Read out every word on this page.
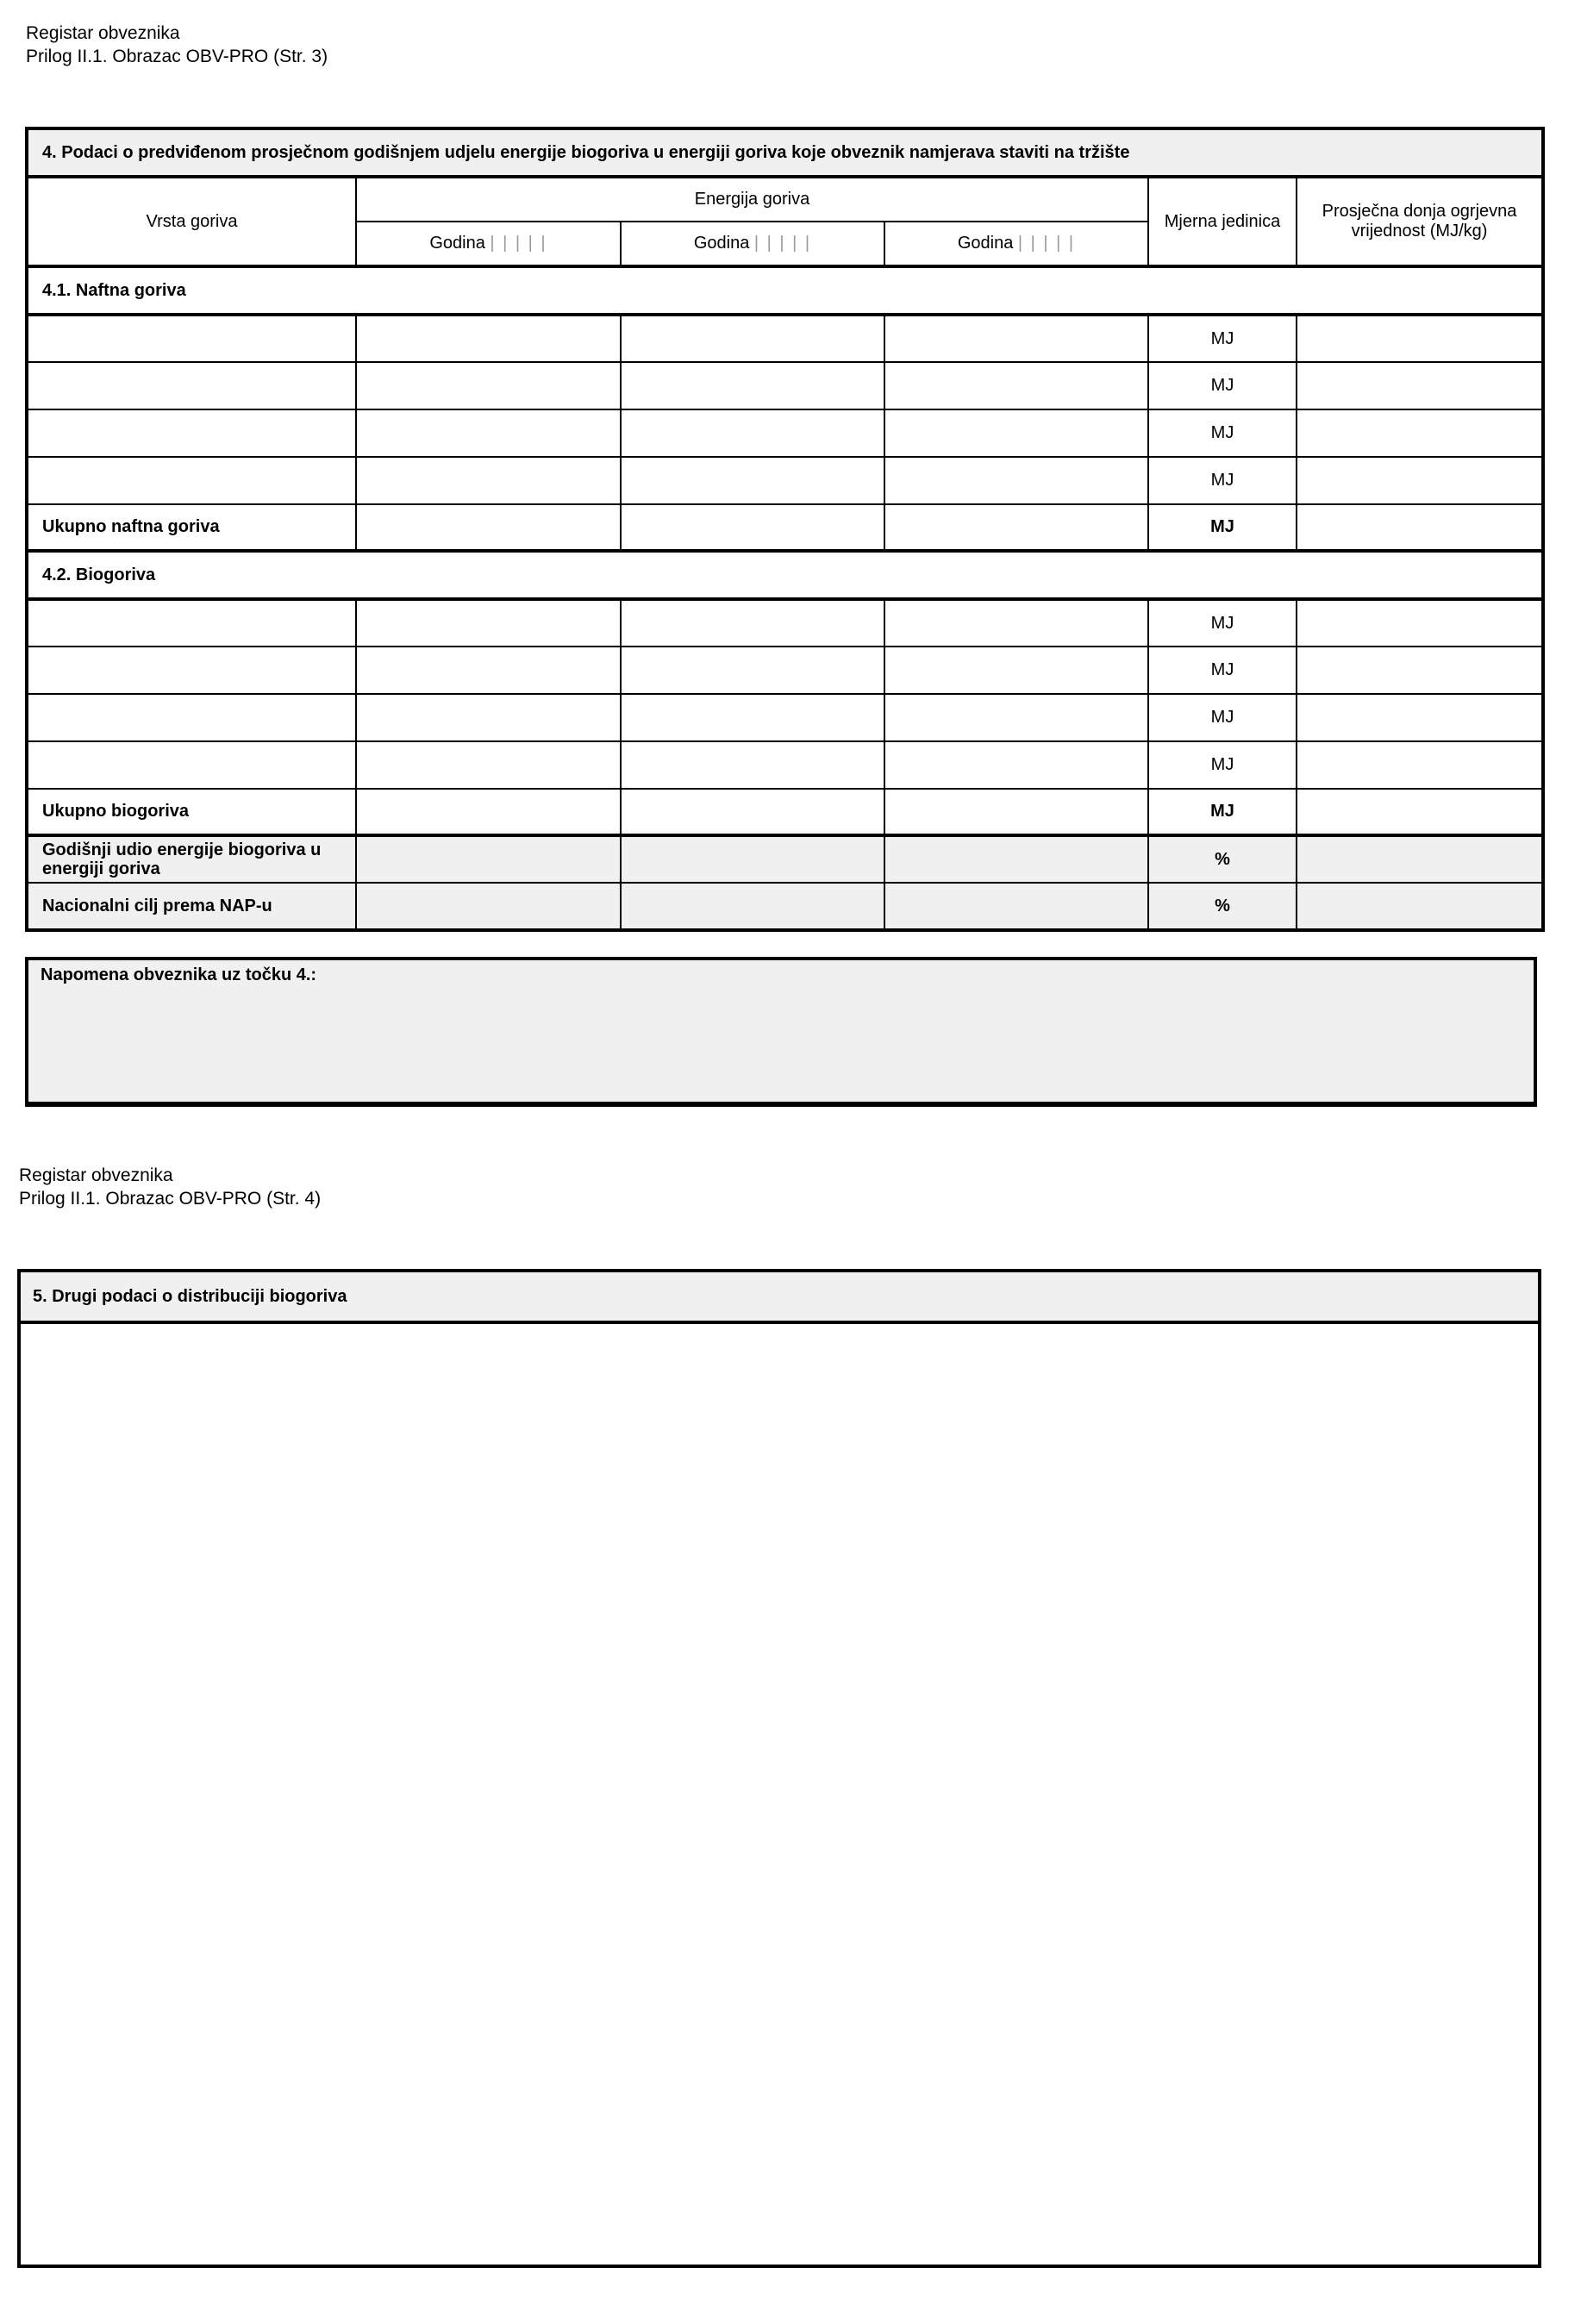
Registar obveznika
Prilog II.1. Obrazac OBV-PRO (Str. 3)
4. Podaci o predviđenom prosječnom godišnjem udjelu energije biogoriva u energiji goriva koje obveznik namjerava staviti na tržište					
Vrsta goriva	Energija goriva			Mjerna jedinica	Prosječna donja ogrjevna vrijednost (MJ/kg)
	Godina | | | | |	Godina | | | | |	Godina | | | | |		
4.1. Naftna goriva					
				MJ	
				MJ	
				MJ	
				MJ	
Ukupno naftna goriva				MJ	
4.2. Biogoriva					
				MJ	
				MJ	
				MJ	
				MJ	
Ukupno biogoriva				MJ	
Godišnji udio energije biogoriva u energiji goriva				%	
Nacionalni cilj prema NAP-u				%	
Napomena obveznika uz točku 4.:
Registar obveznika
Prilog II.1. Obrazac OBV-PRO (Str. 4)
5. Drugi podaci o distribuciji biogoriva
